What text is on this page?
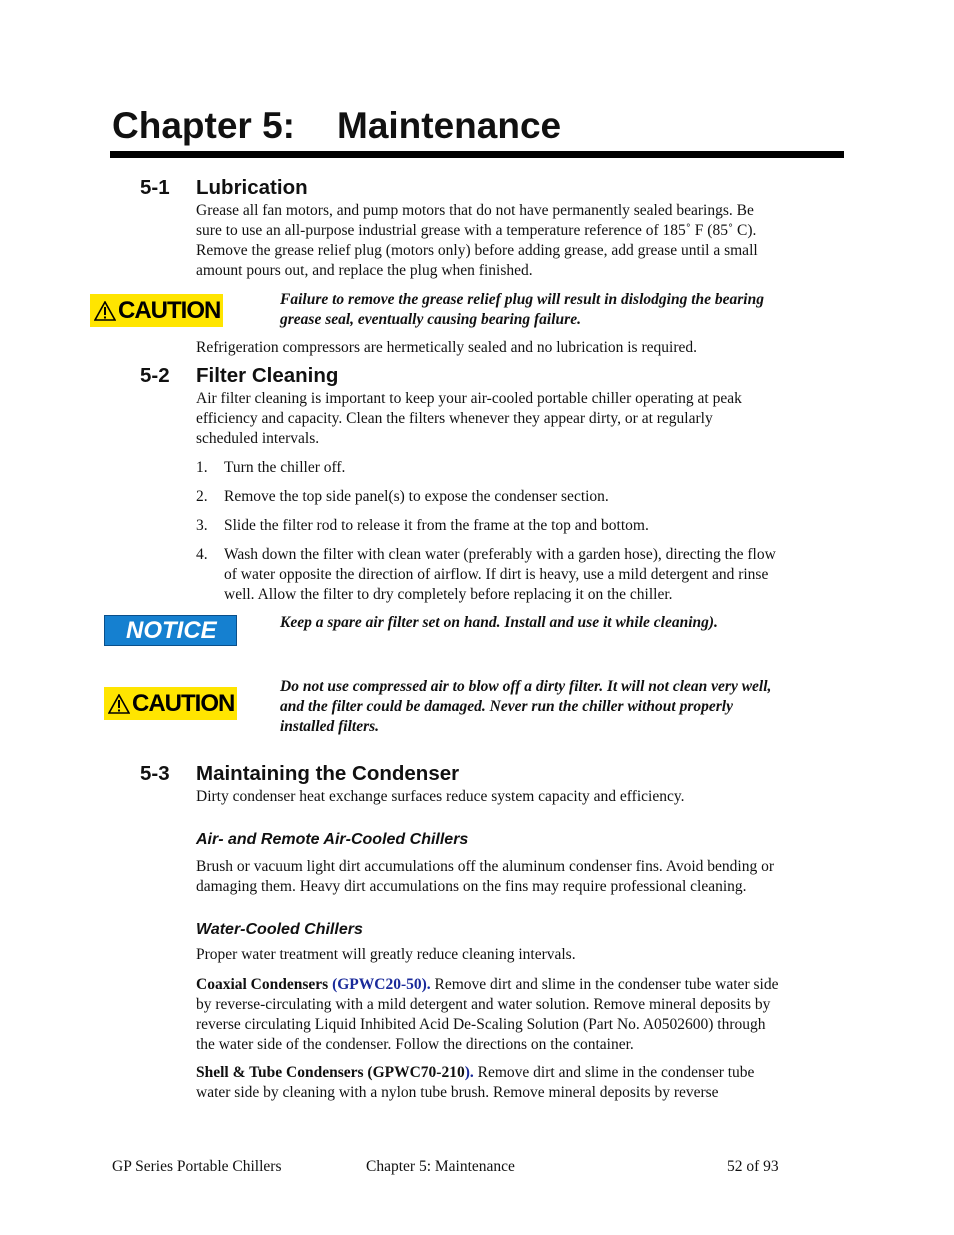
Chapter 5: Maintenance
5-1 Lubrication
Grease all fan motors, and pump motors that do not have permanently sealed bearings. Be
sure to use an all-purpose industrial grease with a temperature reference of 185˚ F (85˚ C).
Remove the grease relief plug (motors only) before adding grease, add grease until a small
amount pours out, and replace the plug when finished.
CAUTION	Failure to remove the grease relief plug will result in dislodging the bearing
grease seal, eventually causing bearing failure.
Refrigeration compressors are hermetically sealed and no lubrication is required.
5-2 Filter Cleaning
Air filter cleaning is important to keep your air-cooled portable chiller operating at peak
efficiency and capacity. Clean the filters whenever they appear dirty, or at regularly
scheduled intervals.
1. Turn the chiller off.
2. Remove the top side panel(s) to expose the condenser section.
3. Slide the filter rod to release it from the frame at the top and bottom.
4. Wash down the filter with clean water (preferably with a garden hose), directing the flow
of water opposite the direction of airflow. If dirt is heavy, use a mild detergent and rinse
well. Allow the filter to dry completely before replacing it on the chiller.
NOTICE	Keep a spare air filter set on hand. Install and use it while cleaning).
CAUTION
Do not use compressed air to blow off a dirty filter. It will not clean very well,
and the filter could be damaged. Never run the chiller without properly
installed filters.
5-3 Maintaining the Condenser
Dirty condenser heat exchange surfaces reduce system capacity and efficiency.
Air- and Remote Air-Cooled Chillers
Brush or vacuum light dirt accumulations off the aluminum condenser fins. Avoid bending or
damaging them. Heavy dirt accumulations on the fins may require professional cleaning.
Water-Cooled Chillers
Proper water treatment will greatly reduce cleaning intervals.
Coaxial Condensers (GPWC20-50). Remove dirt and slime in the condenser tube water side
by reverse-circulating with a mild detergent and water solution. Remove mineral deposits by
reverse circulating Liquid Inhibited Acid De-Scaling Solution (Part No. A0502600) through
the water side of the condenser. Follow the directions on the container.
Shell & Tube Condensers (GPWC70-210). Remove dirt and slime in the condenser tube
water side by cleaning with a nylon tube brush. Remove mineral deposits by reverse
GP Series Portable Chillers	Chapter 5: Maintenance	52 of 93
